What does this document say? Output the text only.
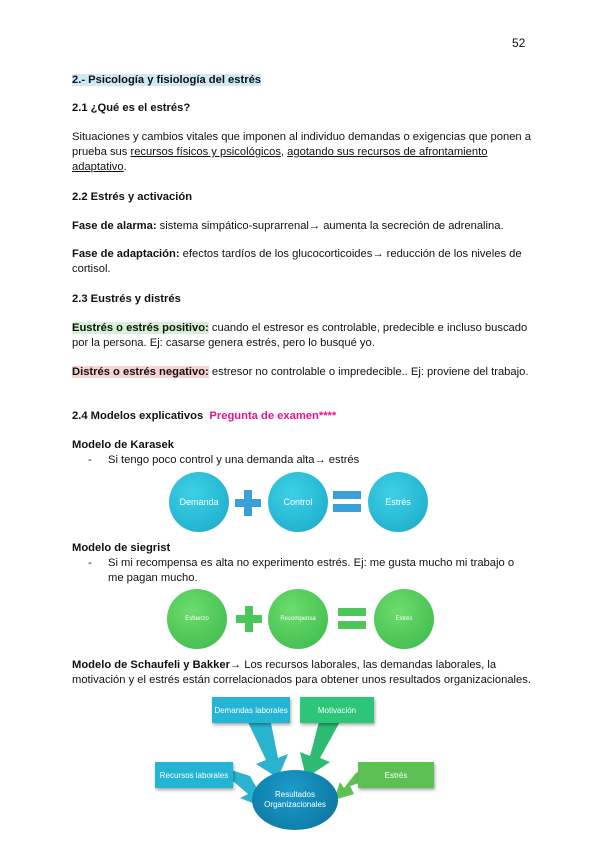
52
2.- Psicología y fisiología del estrés
2.1 ¿Qué es el estrés?
Situaciones y cambios vitales que imponen al individuo demandas o exigencias que ponen a prueba sus recursos físicos y psicológicos, agotando sus recursos de afrontamiento adaptativo.
2.2 Estrés y activación
Fase de alarma: sistema simpático-suprarrenal→ aumenta la secreción de adrenalina.
Fase de adaptación: efectos tardíos de los glucocorticoides→ reducción de los niveles de cortisol.
2.3 Eustrés y distrés
Eustrés o estrés positivo: cuando el estresor es controlable, predecible e incluso buscado por la persona. Ej: casarse genera estrés, pero lo busqué yo.
Distrés o estrés negativo: estresor no controlable o impredecible.. Ej: proviene del trabajo.
2.4 Modelos explicativos Pregunta de examen****
Modelo de Karasek
- Si tengo poco control y una demanda alta→ estrés
Demanda	Control	Estrés
Modelo de siegrist
- Si mi recompensa es alta no experimento estrés. Ej: me gusta mucho mi trabajo o me pagan mucho.
Esfuerzo	Recompensa	Estrés
Modelo de Schaufeli y Bakker→ Los recursos laborales, las demandas laborales, la motivación y el estrés están correlacionados para obtener unos resultados organizacionales.
Demandas laborales	Motivación
Recursos laborales	Estrés
Resultados Organizacionales
